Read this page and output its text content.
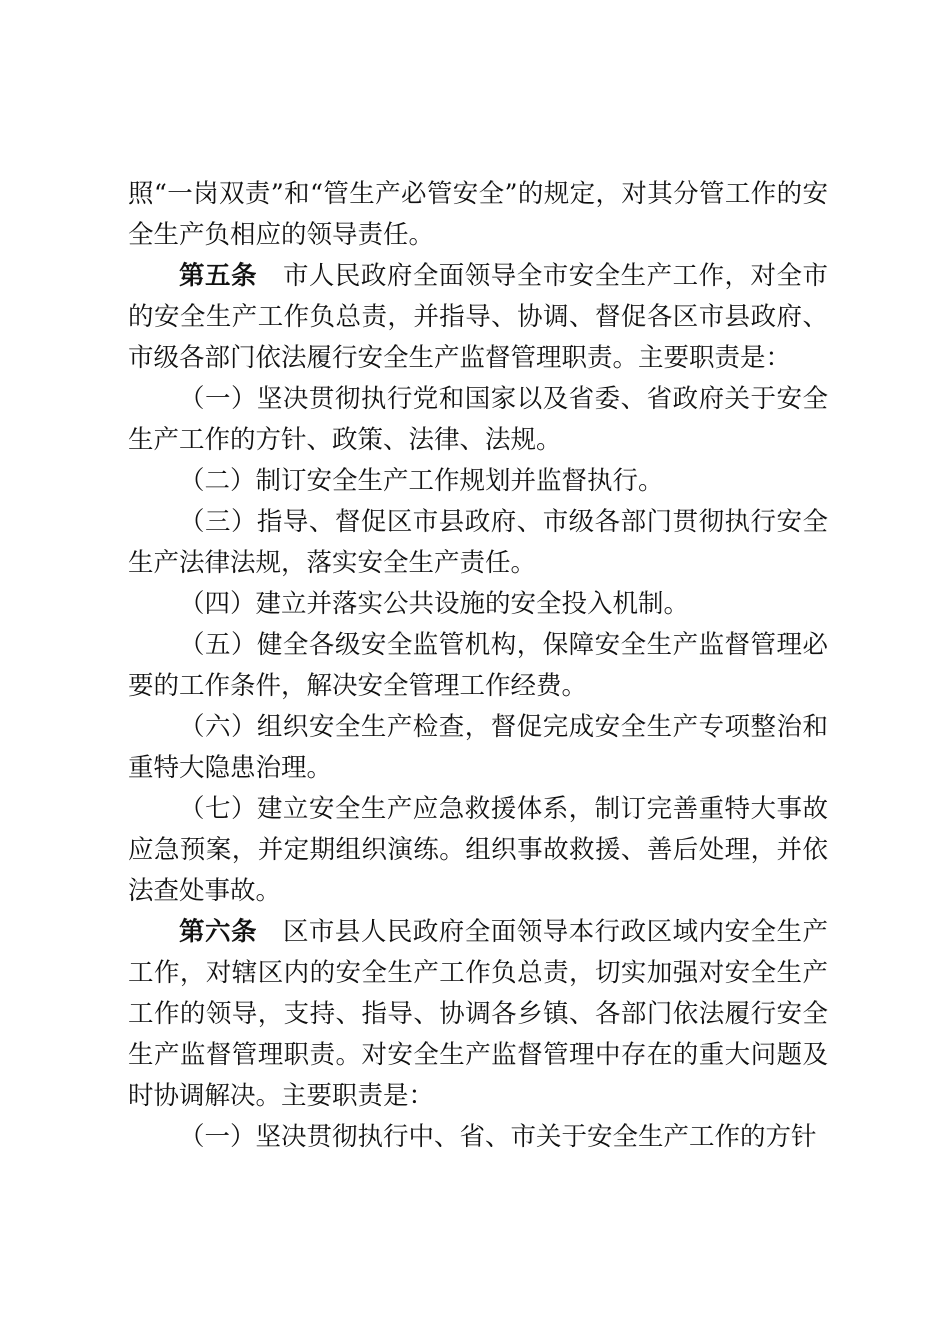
照“一岗双责”和“管生产必管安全”的规定，对其分管工作的安全生产负相应的领导责任。

第五条 市人民政府全面领导全市安全生产工作，对全市的安全生产工作负总责，并指导、协调、督促各区市县政府、市级各部门依法履行安全生产监督管理职责。主要职责是：

（一）坚决贯彻执行党和国家以及省委、省政府关于安全生产工作的方针、政策、法律、法规。

（二）制订安全生产工作规划并监督执行。

（三）指导、督促区市县政府、市级各部门贯彻执行安全生产法律法规，落实安全生产责任。

（四）建立并落实公共设施的安全投入机制。

（五）健全各级安全监管机构，保障安全生产监督管理必要的工作条件，解决安全管理工作经费。

（六）组织安全生产检查，督促完成安全生产专项整治和重特大隐患治理。

（七）建立安全生产应急救援体系，制订完善重特大事故应急预案，并定期组织演练。组织事故救援、善后处理，并依法查处事故。

第六条 区市县人民政府全面领导本行政区域内安全生产工作，对辖区内的安全生产工作负总责，切实加强对安全生产工作的领导，支持、指导、协调各乡镇、各部门依法履行安全生产监督管理职责。对安全生产监督管理中存在的重大问题及时协调解决。主要职责是：

（一）坚决贯彻执行中、省、市关于安全生产工作的方针
